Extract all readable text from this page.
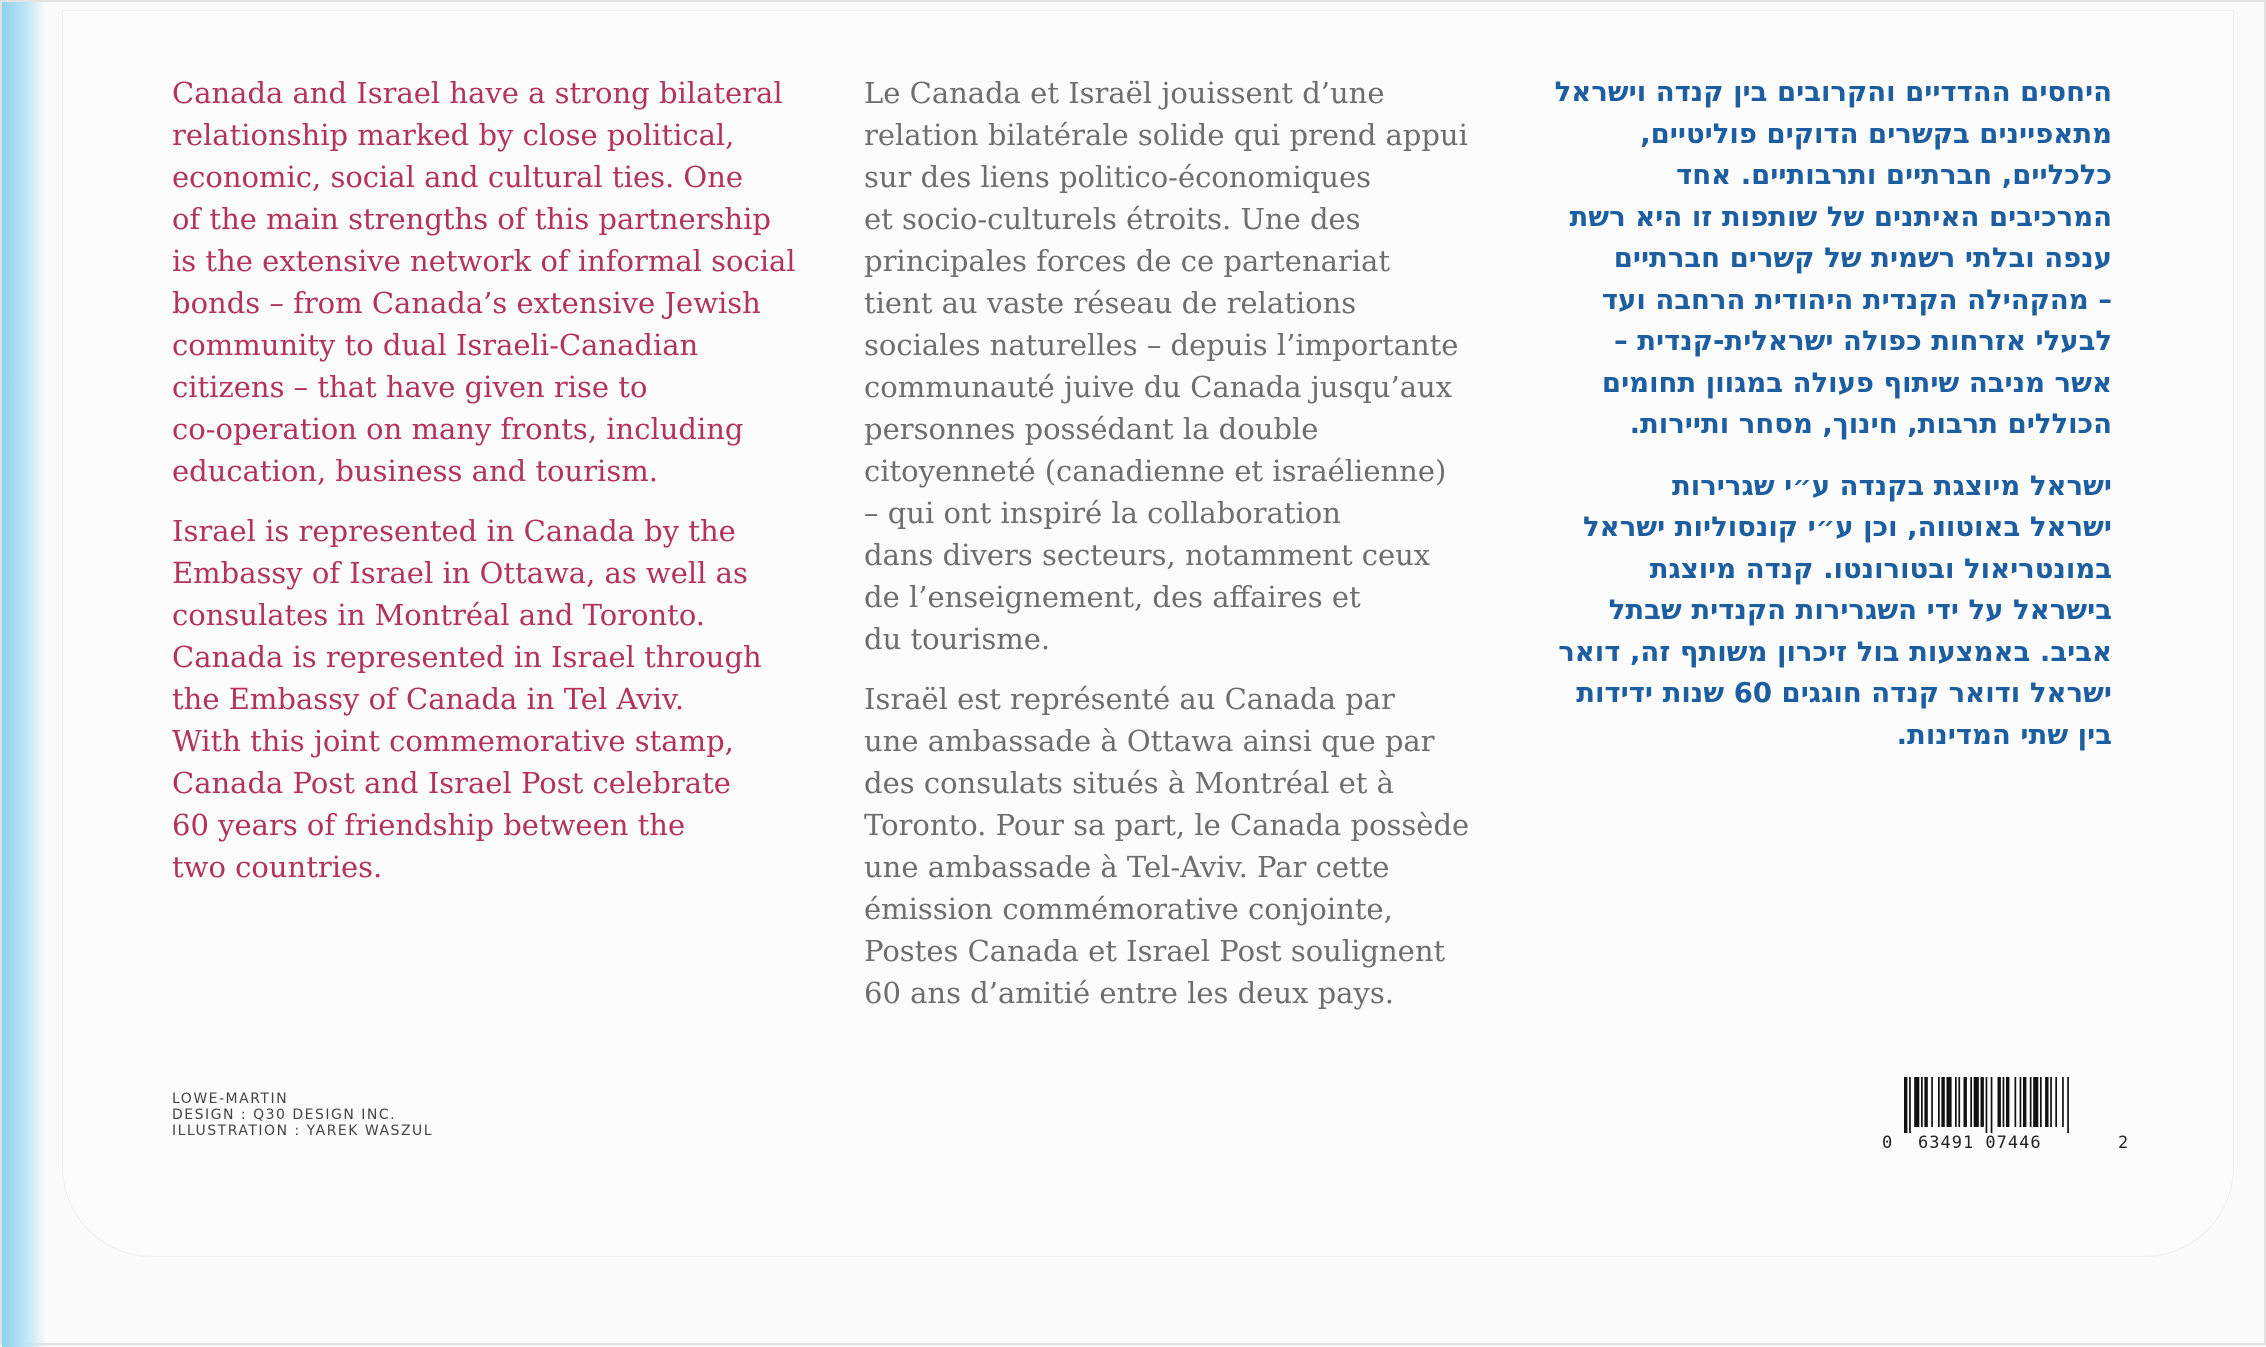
Canada and Israel have a strong bilateral
relationship marked by close political,
economic, social and cultural ties. One
of the main strengths of this partnership
is the extensive network of informal social
bonds – from Canada’s extensive Jewish
community to dual Israeli-Canadian
citizens – that have given rise to
co-operation on many fronts, including
education, business and tourism.

Israel is represented in Canada by the
Embassy of Israel in Ottawa, as well as
consulates in Montréal and Toronto.
Canada is represented in Israel through
the Embassy of Canada in Tel Aviv.
With this joint commemorative stamp,
Canada Post and Israel Post celebrate
60 years of friendship between the
two countries.

Le Canada et Israël jouissent d’une
relation bilatérale solide qui prend appui
sur des liens politico-économiques
et socio-culturels étroits. Une des
principales forces de ce partenariat
tient au vaste réseau de relations
sociales naturelles – depuis l’importante
communauté juive du Canada jusqu’aux
personnes possédant la double
citoyenneté (canadienne et israélienne)
– qui ont inspiré la collaboration
dans divers secteurs, notamment ceux
de l’enseignement, des affaires et
du tourisme.

Israël est représenté au Canada par
une ambassade à Ottawa ainsi que par
des consulats situés à Montréal et à
Toronto. Pour sa part, le Canada possède
une ambassade à Tel-Aviv. Par cette
émission commémorative conjointe,
Postes Canada et Israel Post soulignent
60 ans d’amitié entre les deux pays.

היחסים ההדדיים והקרובים בין קנדה וישראל
מתאפיינים בקשרים הדוקים פוליטיים,
כלכליים, חברתיים ותרבותיים. אחד
המרכיבים האיתנים של שותפות זו היא רשת
ענפה ובלתי רשמית של קשרים חברתיים
– מהקהילה הקנדית היהודית הרחבה ועד
לבעלי אזרחות כפולה ישראלית-קנדית –
אשר מניבה שיתוף פעולה במגוון תחומים
הכוללים תרבות, חינוך, מסחר ותיירות.

ישראל מיוצגת בקנדה ע״י שגרירות
ישראל באוטווה, וכן ע״י קונסוליות ישראל
במונטריאול ובטורונטו. קנדה מיוצגת
בישראל על ידי השגרירות הקנדית שבתל
אביב. באמצעות בול זיכרון משותף זה, דואר
ישראל ודואר קנדה חוגגים 60 שנות ידידות
בין שתי המדינות.

LOWE-MARTIN
DESIGN : Q30 DESIGN INC.
ILLUSTRATION : YAREK WASZUL
0 63491 07446	2
